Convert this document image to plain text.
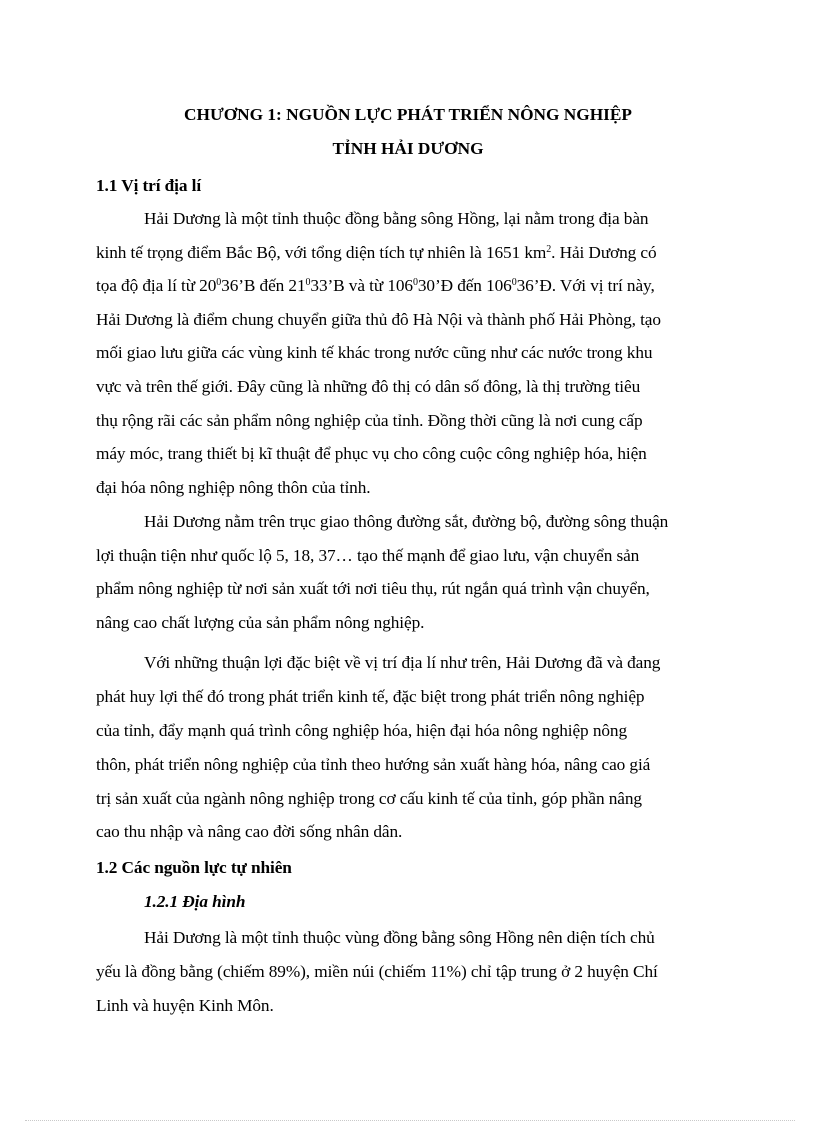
CHƯƠNG 1: NGUỒN LỰC PHÁT TRIỂN NÔNG NGHIỆP
TỈNH HẢI DƯƠNG
1.1 Vị trí địa lí
Hải Dương là một tỉnh thuộc đồng bằng sông Hồng, lại nằm trong địa bàn
kinh tế trọng điểm Bắc Bộ, với tổng diện tích tự nhiên là 1651 $km^2$. Hải Dương có
tọa độ địa lí từ $20^036’B$ đến $21^033’B$ và từ $106^030’Đ$ đến $106^036’Đ$. Với vị trí này,
Hải Dương là điểm chung chuyển giữa thủ đô Hà Nội và thành phố Hải Phòng, tạo
mối giao lưu giữa các vùng kinh tế khác trong nước cũng như các nước trong khu
vực và trên thế giới. Đây cũng là những đô thị có dân số đông, là thị trường tiêu
thụ rộng rãi các sản phẩm nông nghiệp của tỉnh. Đồng thời cũng là nơi cung cấp
máy móc, trang thiết bị kĩ thuật để phục vụ cho công cuộc công nghiệp hóa, hiện
đại hóa nông nghiệp nông thôn của tỉnh.
Hải Dương nằm trên trục giao thông đường sắt, đường bộ, đường sông thuận
lợi thuận tiện như quốc lộ 5, 18, 37… tạo thế mạnh để giao lưu, vận chuyển sản
phẩm nông nghiệp từ nơi sản xuất tới nơi tiêu thụ, rút ngắn quá trình vận chuyển,
nâng cao chất lượng của sản phẩm nông nghiệp.
Với những thuận lợi đặc biệt về vị trí địa lí như trên, Hải Dương đã và đang
phát huy lợi thế đó trong phát triển kinh tế, đặc biệt trong phát triển nông nghiệp
của tỉnh, đẩy mạnh quá trình công nghiệp hóa, hiện đại hóa nông nghiệp nông
thôn, phát triển nông nghiệp của tỉnh theo hướng sản xuất hàng hóa, nâng cao giá
trị sản xuất của ngành nông nghiệp trong cơ cấu kinh tế của tỉnh, góp phần nâng
cao thu nhập và nâng cao đời sống nhân dân.
1.2 Các nguồn lực tự nhiên
1.2.1 Địa hình
Hải Dương là một tỉnh thuộc vùng đồng bằng sông Hồng nên diện tích chủ
yếu là đồng bằng (chiếm 89%), miền núi (chiếm 11%) chỉ tập trung ở 2 huyện Chí
Linh và huyện Kinh Môn.
